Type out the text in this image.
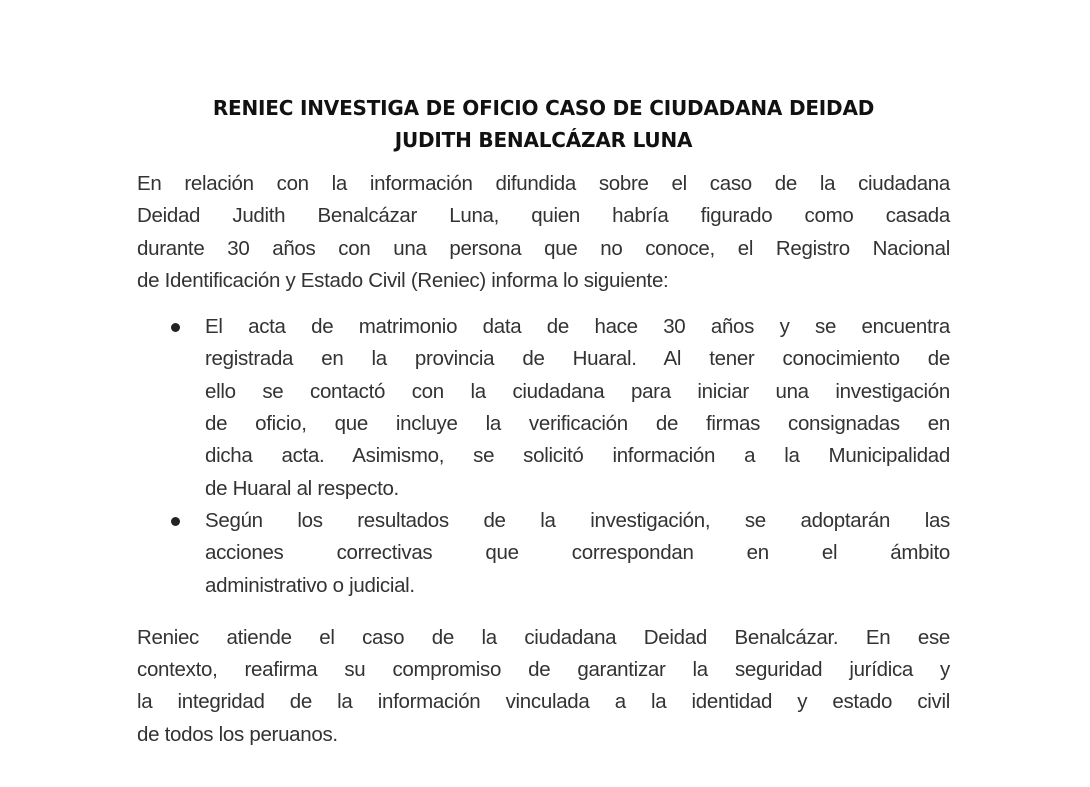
RENIEC INVESTIGA DE OFICIO CASO DE CIUDADANA DEIDAD
JUDITH BENALCÁZAR LUNA

En relación con la información difundida sobre el caso de la ciudadana
Deidad Judith Benalcázar Luna, quien habría figurado como casada
durante 30 años con una persona que no conoce, el Registro Nacional
de Identificación y Estado Civil (Reniec) informa lo siguiente:

El acta de matrimonio data de hace 30 años y se encuentra
registrada en la provincia de Huaral. Al tener conocimiento de
ello se contactó con la ciudadana para iniciar una investigación
de oficio, que incluye la verificación de firmas consignadas en
dicha acta. Asimismo, se solicitó información a la Municipalidad
de Huaral al respecto.

Según los resultados de la investigación, se adoptarán las
acciones correctivas que correspondan en el ámbito
administrativo o judicial.

Reniec atiende el caso de la ciudadana Deidad Benalcázar. En ese
contexto, reafirma su compromiso de garantizar la seguridad jurídica y
la integridad de la información vinculada a la identidad y estado civil
de todos los peruanos.
